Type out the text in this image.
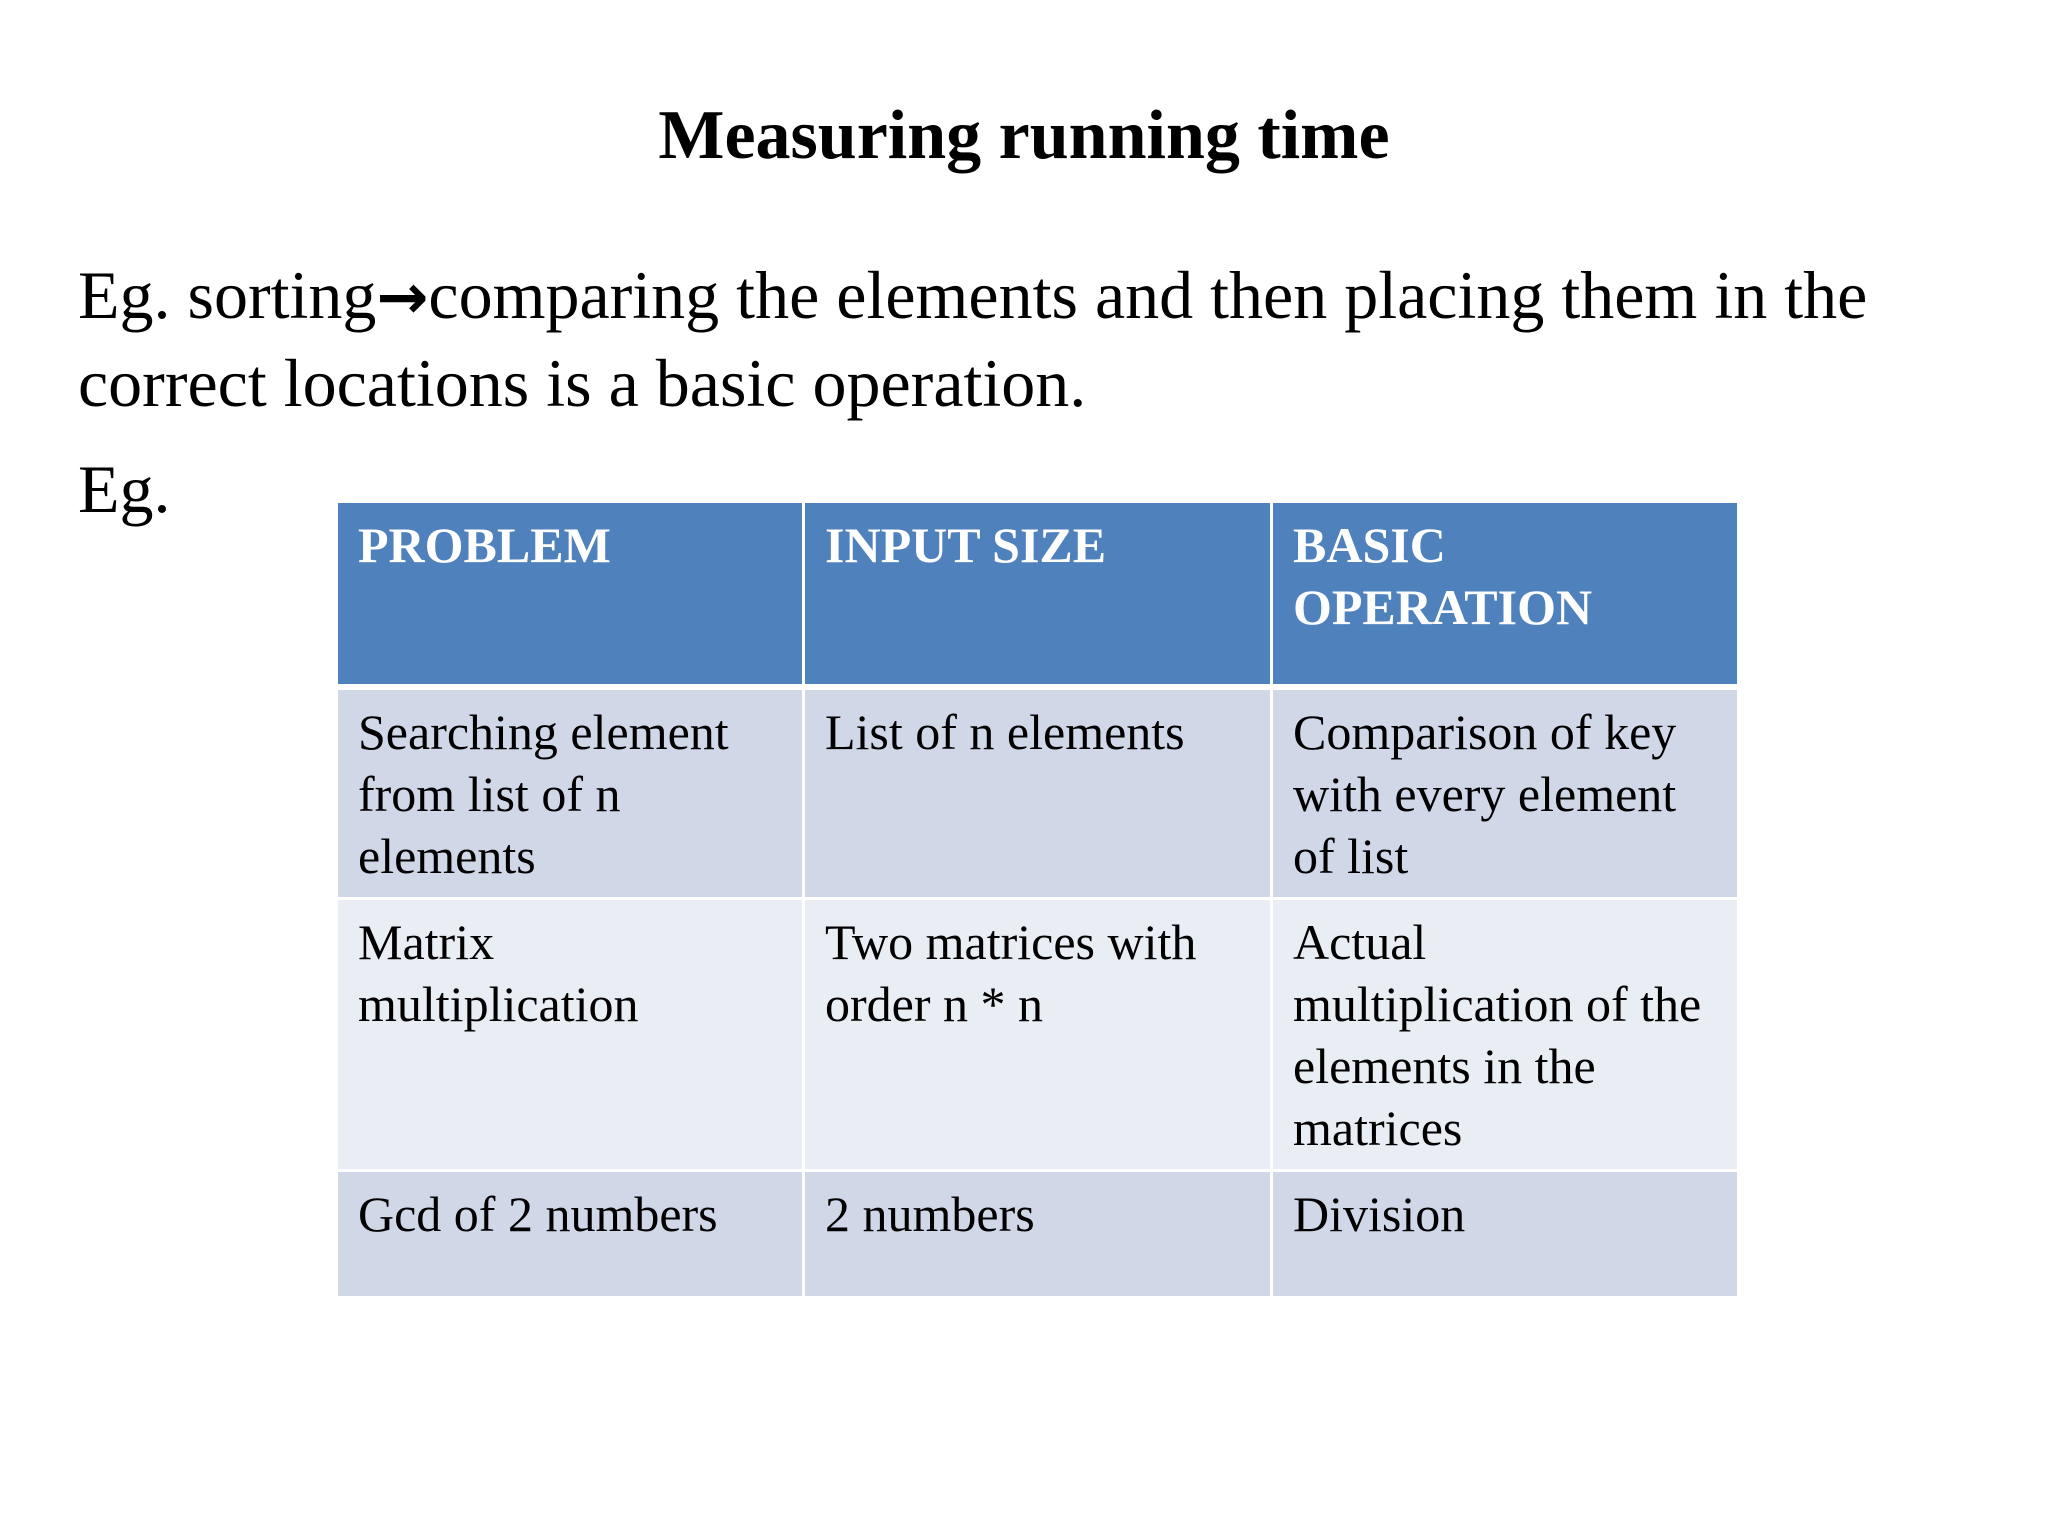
Measuring running time

Eg. sorting→comparing the elements and then placing them in the correct locations is a basic operation.

Eg.
PROBLEM	INPUT SIZE	BASIC OPERATION
Searching element from list of n elements	List of n elements	Comparison of key with every element of list
Matrix multiplication	Two matrices with order n * n	Actual multiplication of the elements in the matrices
Gcd of 2 numbers	2 numbers	Division
